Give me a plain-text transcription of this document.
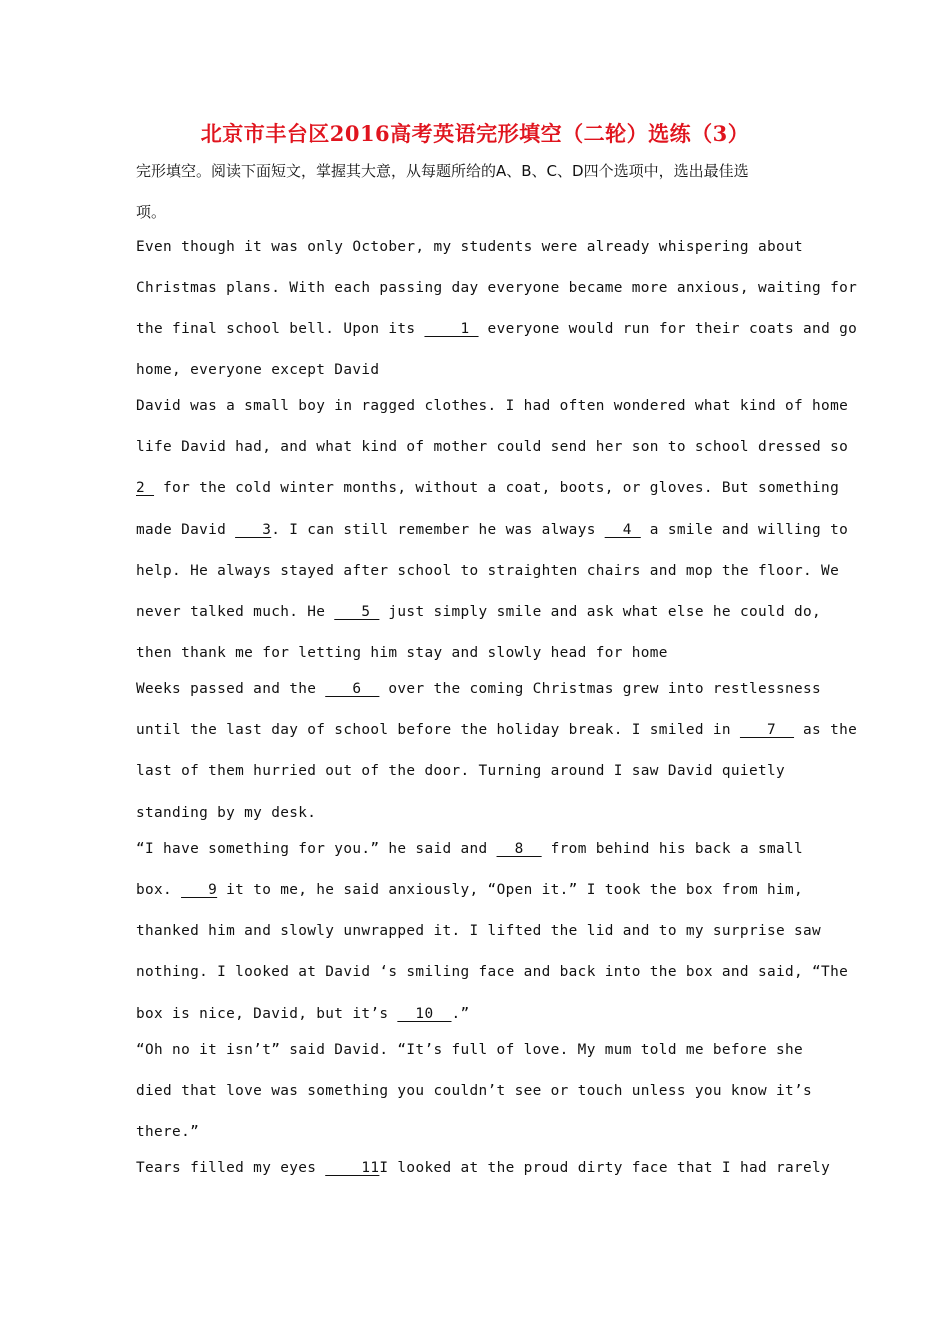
北京市丰台区2016高考英语完形填空（二轮）选练（3）
完形填空。阅读下面短文，掌握其大意，从每题所给的A、B、C、D四个选项中，选出最佳选
项。
Even though it was only October, my students were already whispering about
Christmas plans. With each passing day everyone became more anxious, waiting for
the final school bell. Upon its ____1_ everyone would run for their coats and go
home, everyone except David
David was a small boy in ragged clothes. I had often wondered what kind of home
life David had, and what kind of mother could send her son to school dressed so
2_ for the cold winter months, without a coat, boots, or gloves. But something
made David ___3. I can still remember he was always __4_ a smile and willing to
help. He always stayed after school to straighten chairs and mop the floor. We
never talked much. He ___5_ just simply smile and ask what else he could do,
then thank me for letting him stay and slowly head for home
Weeks passed and the ___6__ over the coming Christmas grew into restlessness
until the last day of school before the holiday break. I smiled in ___7__ as the
last of them hurried out of the door. Turning around I saw David quietly
standing by my desk.
“I have something for you.” he said and __8__ from behind his back a small
box. ___9 it to me, he said anxiously, “Open it.” I took the box from him,
thanked him and slowly unwrapped it. I lifted the lid and to my surprise saw
nothing. I looked at David ‘s smiling face and back into the box and said, “The
box is nice, David, but it’s __10__.”
“Oh no it isn’t” said David. “It’s full of love. My mum told me before she
died that love was something you couldn’t see or touch unless you know it’s
there.”
Tears filled my eyes ____11I looked at the proud dirty face that I had rarely
